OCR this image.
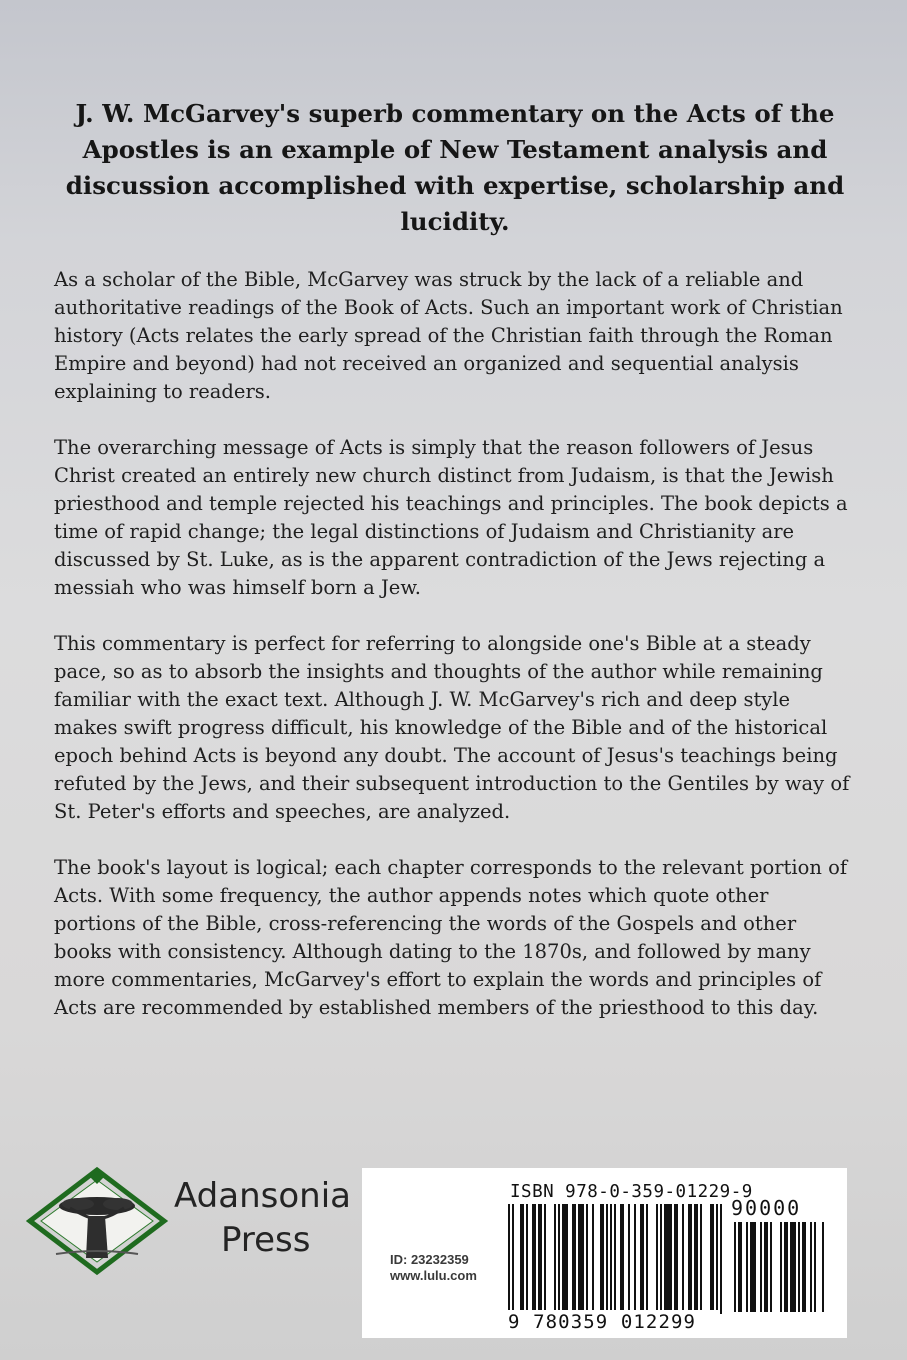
J. W. McGarvey's superb commentary on the Acts of the Apostles is an example of New Testament analysis and discussion accomplished with expertise, scholarship and lucidity.

As a scholar of the Bible, McGarvey was struck by the lack of a reliable and authoritative readings of the Book of Acts. Such an important work of Christian history (Acts relates the early spread of the Christian faith through the Roman Empire and beyond) had not received an organized and sequential analysis explaining to readers.

The overarching message of Acts is simply that the reason followers of Jesus Christ created an entirely new church distinct from Judaism, is that the Jewish priesthood and temple rejected his teachings and principles. The book depicts a time of rapid change; the legal distinctions of Judaism and Christianity are discussed by St. Luke, as is the apparent contradiction of the Jews rejecting a messiah who was himself born a Jew.

This commentary is perfect for referring to alongside one's Bible at a steady pace, so as to absorb the insights and thoughts of the author while remaining familiar with the exact text. Although J. W. McGarvey's rich and deep style makes swift progress difficult, his knowledge of the Bible and of the historical epoch behind Acts is beyond any doubt. The account of Jesus's teachings being refuted by the Jews, and their subsequent introduction to the Gentiles by way of St. Peter's efforts and speeches, are analyzed.

The book's layout is logical; each chapter corresponds to the relevant portion of Acts. With some frequency, the author appends notes which quote other portions of the Bible, cross-referencing the words of the Gospels and other books with consistency. Although dating to the 1870s, and followed by many more commentaries, McGarvey's effort to explain the words and principles of Acts are recommended by established members of the priesthood to this day.

Adansonia
Press
ISBN 978-0-359-01229-9
ID: 23232359
www.lulu.com
90000
9 780359 012299
